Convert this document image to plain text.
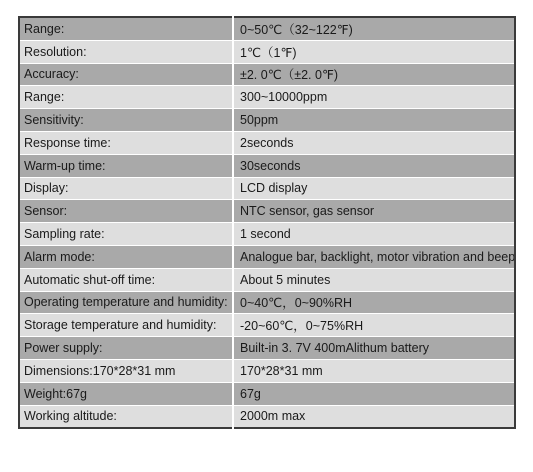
Range:	0~50℃（32~122℉)
Resolution:	1℃（1℉)
Accuracy:	±2. 0℃（±2. 0℉)
Range:	300~10000ppm
Sensitivity:	50ppm
Response time:	2seconds
Warm-up time:	30seconds
Display:	LCD display
Sensor:	NTC sensor, gas sensor
Sampling rate:	1 second
Alarm mode:	Analogue bar, backlight, motor vibration and beep
Automatic shut-off time:	About 5 minutes
Operating temperature and humidity:	0~40℃，0~90%RH
Storage temperature and humidity:	-20~60℃，0~75%RH
Power supply:	Built-in 3. 7V 400mAlithum battery
Dimensions:170*28*31 mm	170*28*31 mm
Weight:67g	67g
Working altitude:	2000m max
